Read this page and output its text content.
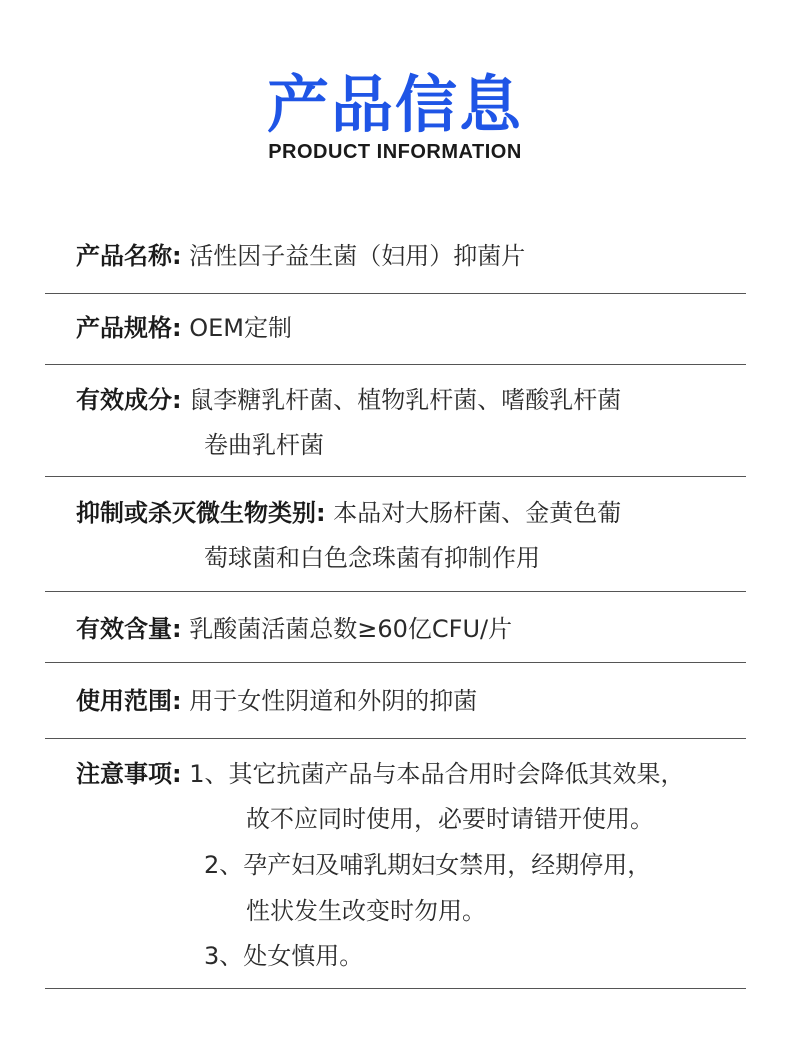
产品信息
PRODUCT INFORMATION
产品名称: 活性因子益生菌（妇用）抑菌片
产品规格: OEM定制
有效成分: 鼠李糖乳杆菌、植物乳杆菌、嗜酸乳杆菌
卷曲乳杆菌
抑制或杀灭微生物类别: 本品对大肠杆菌、金黄色葡
萄球菌和白色念珠菌有抑制作用
有效含量: 乳酸菌活菌总数≥60亿CFU/片
使用范围: 用于女性阴道和外阴的抑菌
注意事项: 1、其它抗菌产品与本品合用时会降低其效果，
故不应同时使用，必要时请错开使用。
2、孕产妇及哺乳期妇女禁用，经期停用，
性状发生改变时勿用。
3、处女慎用。
